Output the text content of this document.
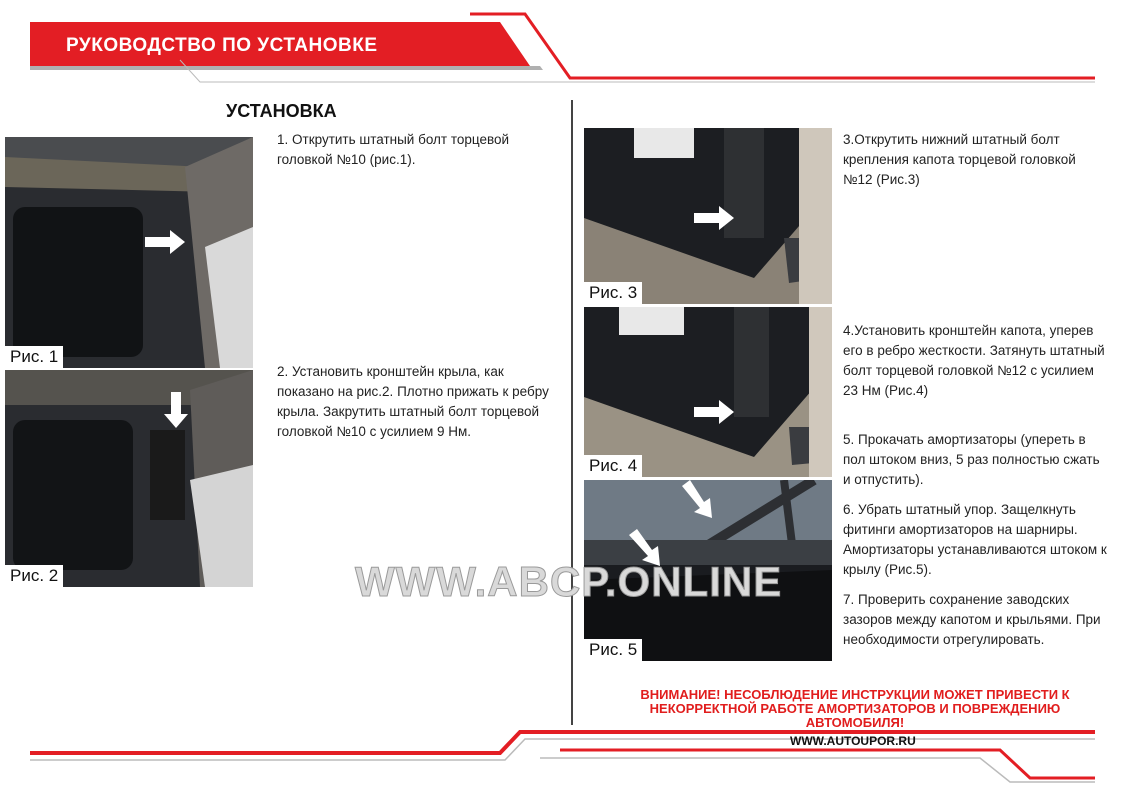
РУКОВОДСТВО ПО УСТАНОВКЕ
УСТАНОВКА
Рис. 1
Рис. 2
1. Открутить штатный болт торцевой головкой №10 (рис.1).
2. Установить кронштейн крыла, как показано на рис.2. Плотно прижать к ребру крыла. Закрутить штатный болт торцевой головкой №10 с усилием 9 Нм.
Рис. 3
Рис. 4
Рис. 5
3.Открутить нижний штатный болт крепления капота торцевой головкой №12 (Рис.3)
4.Установить кронштейн капота, уперев его в ребро жесткости. Затянуть штатный болт торцевой головкой №12 с усилием 23 Нм (Рис.4)
5. Прокачать амортизаторы (уперeть в пол штоком вниз, 5 раз полностью сжать и отпустить).
6. Убрать штатный упор. Защелкнуть фитинги амортизаторов на шарниры. Амортизаторы устанавливаются штоком к крылу (Рис.5).
7. Проверить сохранение заводских зазоров между капотом и крыльями. При необходимости отрегулировать.
WWW.ABCP.ONLINE
ВНИМАНИЕ! НЕСОБЛЮДЕНИЕ ИНСТРУКЦИИ МОЖЕТ ПРИВЕСТИ К НЕКОРРЕКТНОЙ РАБОТЕ АМОРТИЗАТОРОВ И ПОВРЕЖДЕНИЮ АВТОМОБИЛЯ!
WWW.AUTOUPOR.RU
